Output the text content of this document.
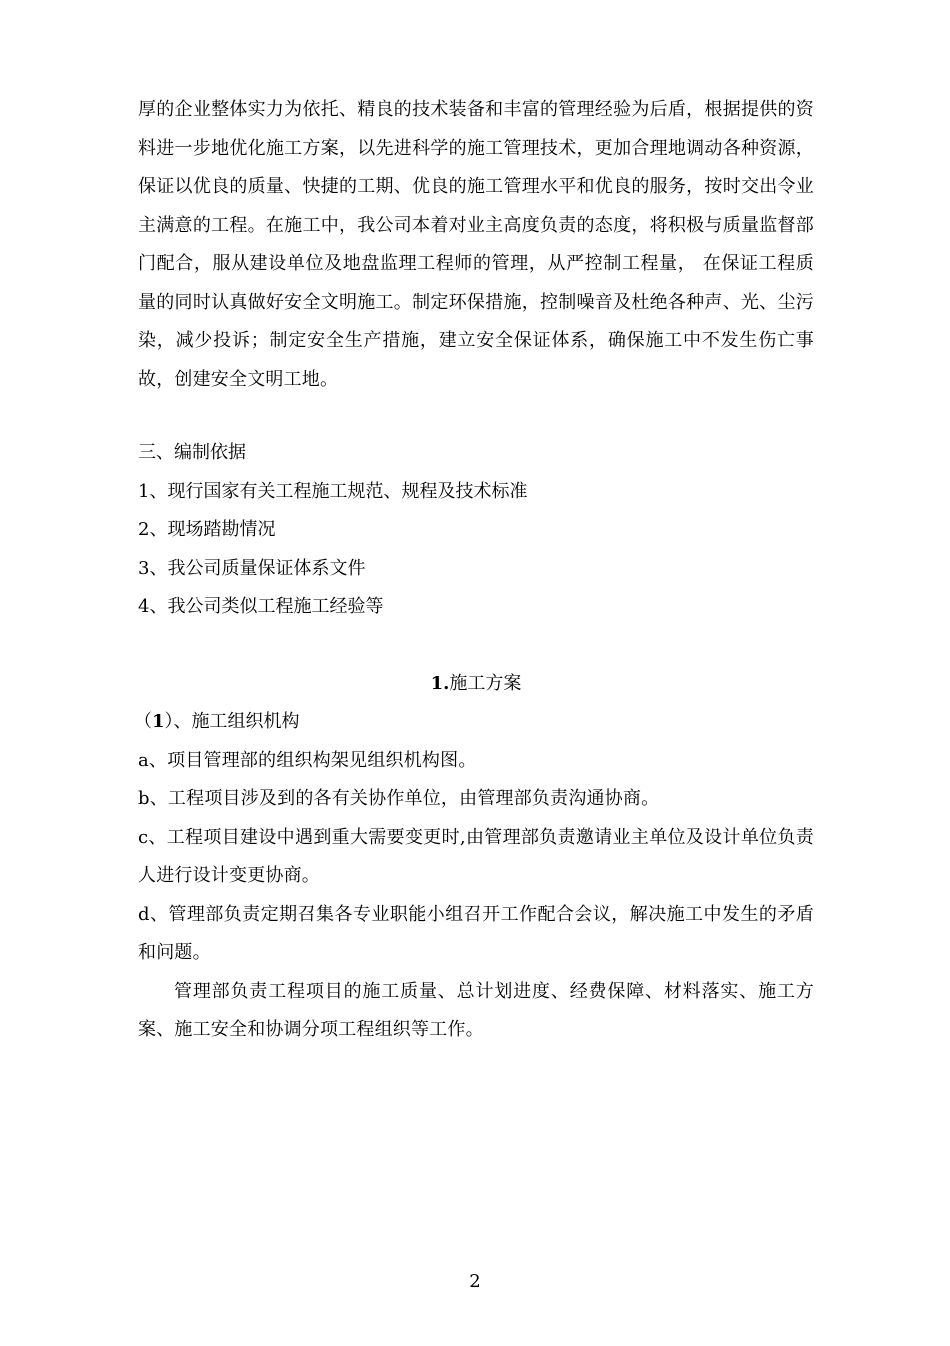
厚的企业整体实力为依托、精良的技术装备和丰富的管理经验为后盾，根据提供的资料进一步地优化施工方案，以先进科学的施工管理技术，更加合理地调动各种资源，保证以优良的质量、快捷的工期、优良的施工管理水平和优良的服务，按时交出令业主满意的工程。在施工中，我公司本着对业主高度负责的态度，将积极与质量监督部门配合，服从建设单位及地盘监理工程师的管理，从严控制工程量， 在保证工程质量的同时认真做好安全文明施工。制定环保措施，控制噪音及杜绝各种声、光、尘污染，减少投诉；制定安全生产措施，建立安全保证体系，确保施工中不发生伤亡事故，创建安全文明工地。

三、编制依据

1、现行国家有关工程施工规范、规程及技术标准

2、现场踏勘情况

3、我公司质量保证体系文件

4、我公司类似工程施工经验等

1.施工方案

（1）、施工组织机构

a、项目管理部的组织构架见组织机构图。

b、工程项目涉及到的各有关协作单位，由管理部负责沟通协商。

c、工程项目建设中遇到重大需要变更时,由管理部负责邀请业主单位及设计单位负责人进行设计变更协商。

d、管理部负责定期召集各专业职能小组召开工作配合会议，解决施工中发生的矛盾和问题。

管理部负责工程项目的施工质量、总计划进度、经费保障、材料落实、施工方案、施工安全和协调分项工程组织等工作。

2
